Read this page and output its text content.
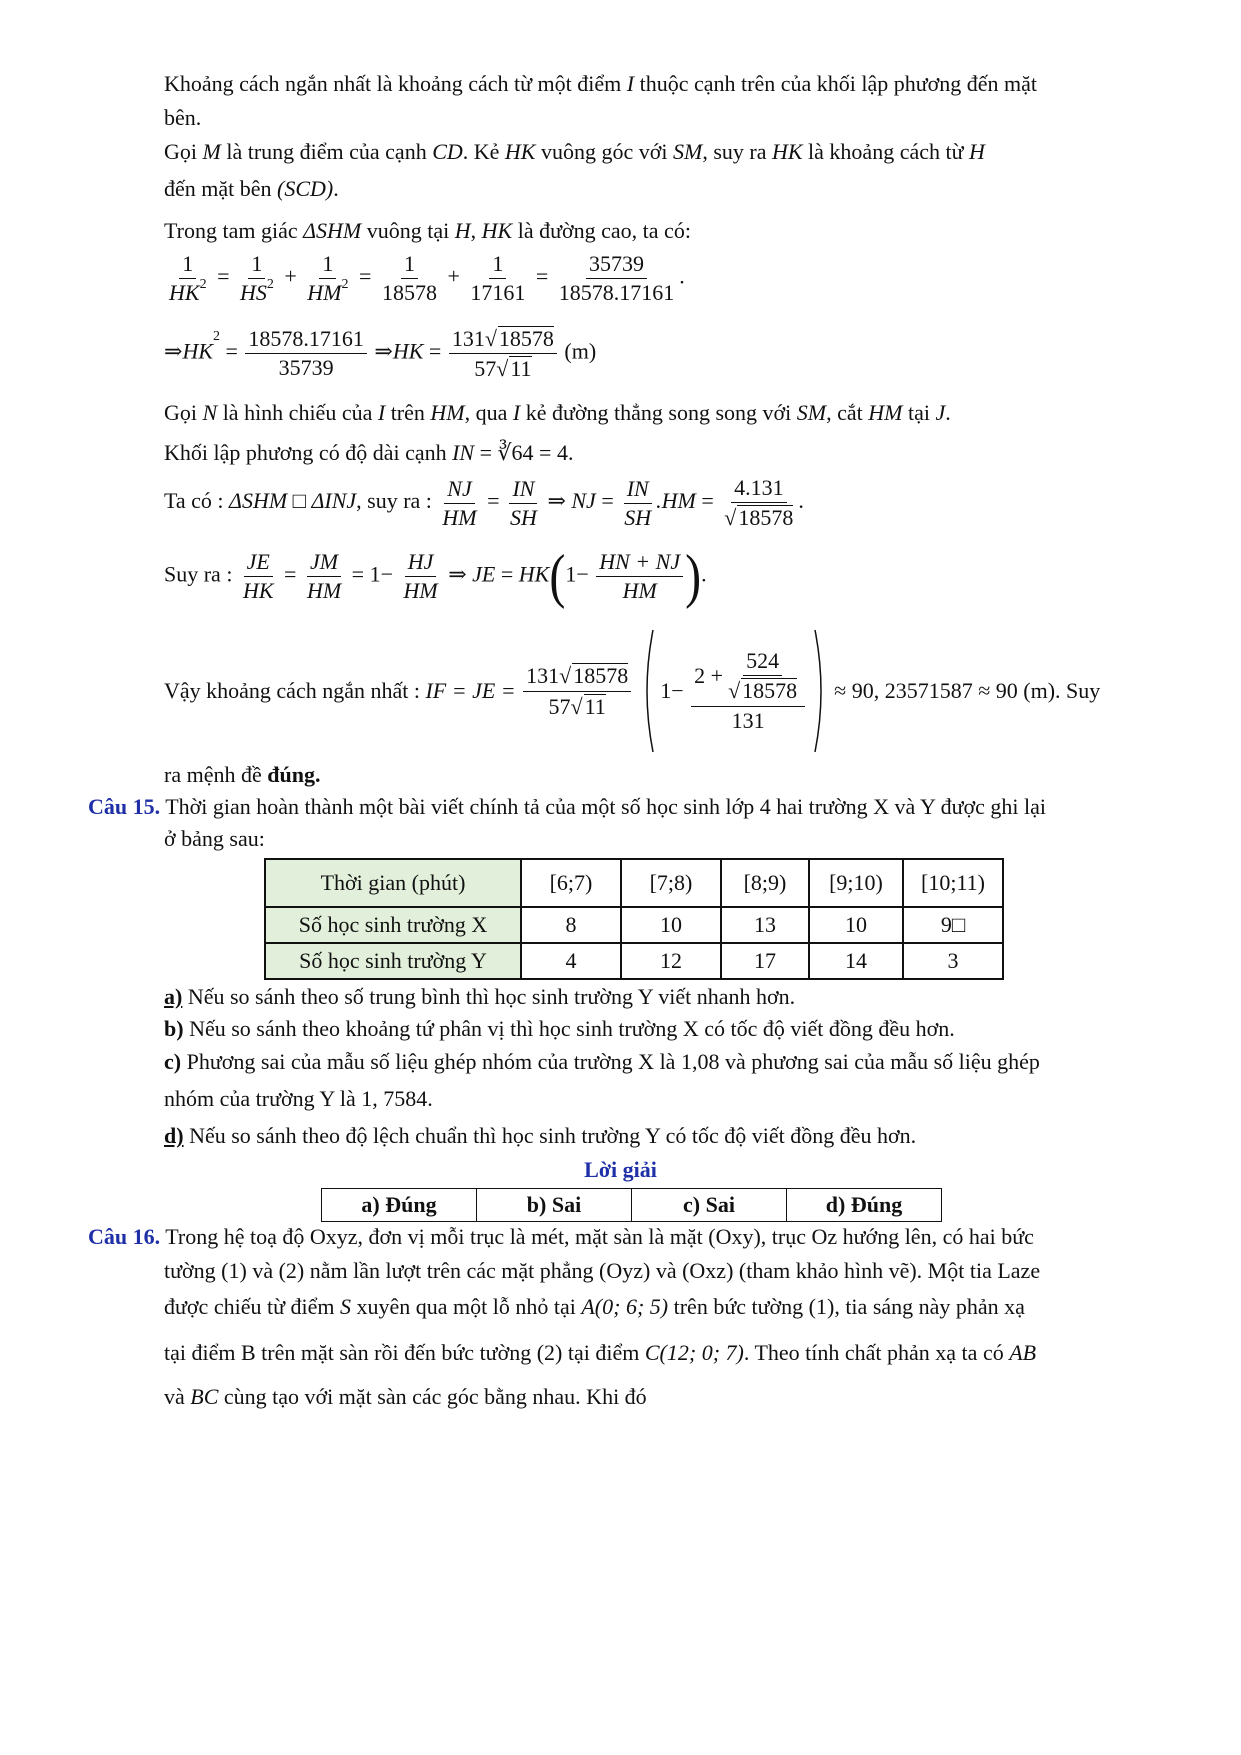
Khoảng cách ngắn nhất là khoảng cách từ một điểm I thuộc cạnh trên của khối lập phương đến mặt
bên.
Gọi M là trung điểm của cạnh CD. Kẻ HK vuông góc với SM, suy ra HK là khoảng cách từ H
đến mặt bên (SCD).
Trong tam giác ΔSHM vuông tại H, HK là đường cao, ta có:
$\frac{1}{HK^2} = \frac{1}{HS^2} + \frac{1}{HM^2} = \frac{1}{18578} + \frac{1}{17161} = \frac{35739}{18578.17161}$ .
$\Rightarrow HK^2 = \frac{18578.17161}{35739}$ ⇒HK = $\frac{131√18578}{57√11} (m)$
Gọi N là hình chiếu của I trên HM, qua I kẻ đường thẳng song song với SM, cắt HM tại J.
Khối lập phương có độ dài cạnh IN = ∛64 = 4.
Ta có : ΔSHM □ ΔINJ, suy ra : $\frac{NJ}{HM} = \frac{IN}{SH}$ ⇒ NJ = $\frac{IN}{SH} .HM = \frac{4.131}{√18578}$ .
Suy ra : $\frac{JE}{HK} = \frac{JM}{HM} = 1- \frac{HJ}{HM}$ ⇒ JE = $HK(1- \frac{HN + NJ}{HM}$ ).
Vậy khoảng cách ngắn nhất : IF = JE = $\frac{131√18578}{57√11} 1- \frac{2 + \frac{524}{√18578}}{131} \approx 90$, 23571587 ≈ 90 (m). Suy
ra mệnh đề đúng.
Câu 15. Thời gian hoàn thành một bài viết chính tả của một số học sinh lớp 4 hai trường X và Y được ghi lại
ở bảng sau:
Thời gian (phút)	[6;7)	[7;8)	[8;9)	[9;10)	[10;11)
Số học sinh trường X	8	10	13	10	9□
Số học sinh trường Y	4	12	17	14	3
a) Nếu so sánh theo số trung bình thì học sinh trường Y viết nhanh hơn.
b) Nếu so sánh theo khoảng tứ phân vị thì học sinh trường X có tốc độ viết đồng đều hơn.
c) Phương sai của mẫu số liệu ghép nhóm của trường X là 1,08 và phương sai của mẫu số liệu ghép
nhóm của trường Y là 1, 7584.
d) Nếu so sánh theo độ lệch chuẩn thì học sinh trường Y có tốc độ viết đồng đều hơn.
Lời giải
a) Đúng	b) Sai	c) Sai	d) Đúng
Câu 16. Trong hệ toạ độ Oxyz, đơn vị mỗi trục là mét, mặt sàn là mặt (Oxy), trục Oz hướng lên, có hai bức
tường (1) và (2) nằm lần lượt trên các mặt phẳng (Oyz) và (Oxz) (tham khảo hình vẽ). Một tia Laze
được chiếu từ điểm S xuyên qua một lỗ nhỏ tại A(0; 6; 5) trên bức tường (1), tia sáng này phản xạ
tại điểm B trên mặt sàn rồi đến bức tường (2) tại điểm C(12; 0; 7). Theo tính chất phản xạ ta có AB
và BC cùng tạo với mặt sàn các góc bằng nhau. Khi đó
